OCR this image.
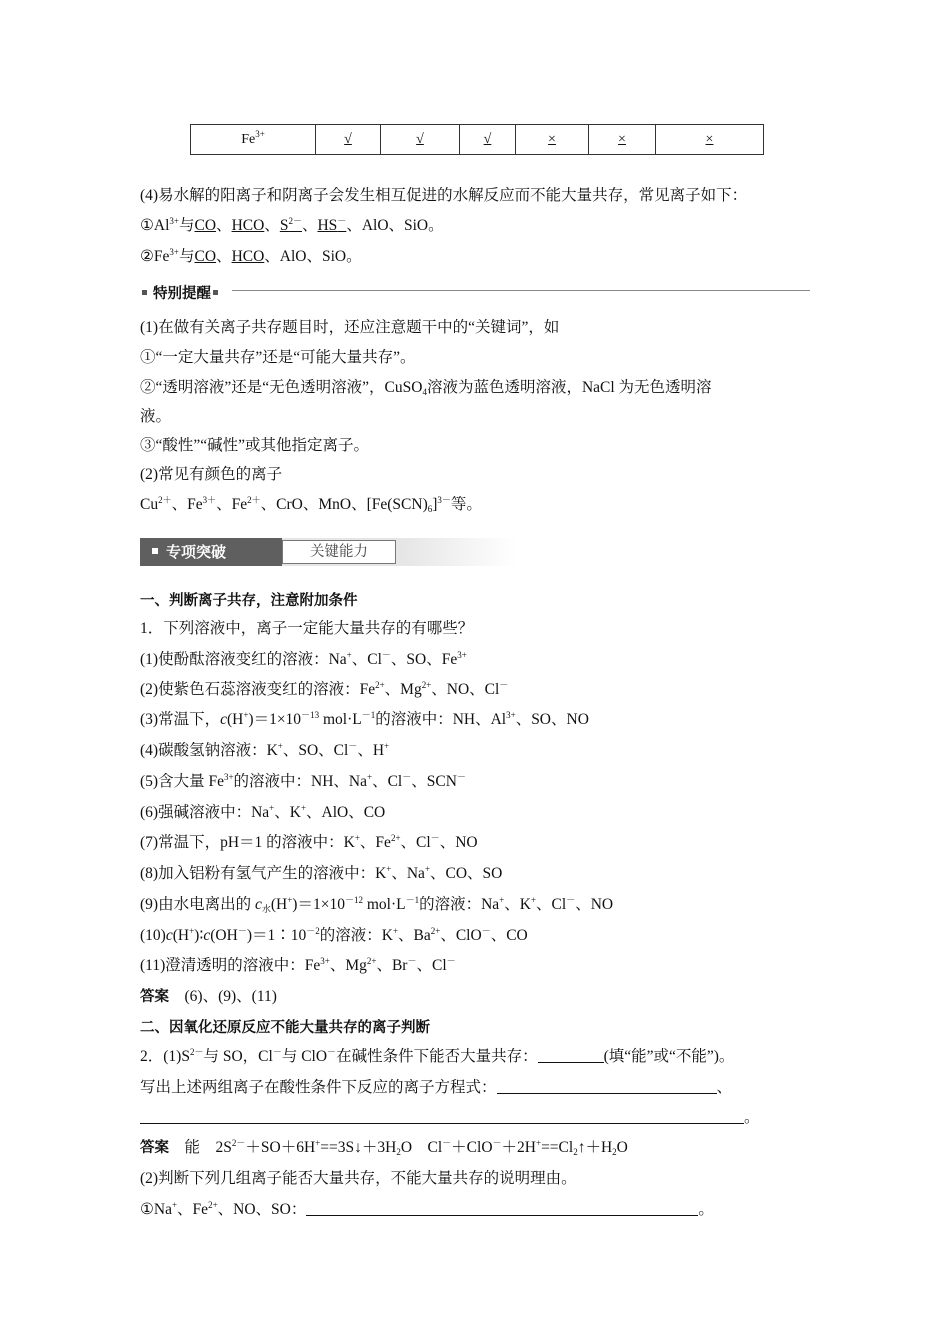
$Fe^{3+}$	√	√	√	×	×	×
(4)易水解的阳离子和阴离子会发生相互促进的水解反应而不能大量共存，常见离子如下：
$①Al^{3+}$与CO、HCO、$S^{2-}$、HS－、AlO、SiO。
$②Fe^{3+}$与CO、HCO、AlO、SiO。
特别提醒
(1)在做有关离子共存题目时，还应注意题干中的“关键词”，如
①“一定大量共存”还是“可能大量共存”。
②“透明溶液”还是“无色透明溶液”，CuSO$_4$溶液为蓝色透明溶液，NaCl 为无色透明溶
液。
③“酸性”“碱性”或其他指定离子。
(2)常见有颜色的离子
$Cu^{2+}$、$Fe^{3+}$、$Fe^{2+}$、CrO、MnO、$[Fe(SCN)_6]^{3-}$等。
专项突破	关键能力
一、判断离子共存，注意附加条件
1．下列溶液中，离子一定能大量共存的有哪些？
(1)使酚酞溶液变红的溶液：Na+、Cl－、SO、$Fe^{3+}$
(2)使紫色石蕊溶液变红的溶液：$Fe^{2+}$、$Mg^{2+}$、NO、Cl－
(3)常温下，$c(H^+)=1\times 10^{-13}$ $mol\cdot L^{-1}$的溶液中：NH、$Al^{3+}$、SO、NO
(4)碳酸氢钠溶液：K+、SO、Cl－、H+
(5)含大量 $Fe^{3+}$的溶液中：NH、Na+、Cl－、SCN－
(6)强碱溶液中：Na+、K+、AlO、CO
(7)常温下，pH＝1 的溶液中：K+、$Fe^{2+}$、Cl－、NO
(8)加入铝粉有氢气产生的溶液中：K+、Na+、CO、SO
(9)由水电离出的 $c_水(H^+)=1\times 10^{-12}$ $mol\cdot L^{-1}$的溶液：Na+、K+、Cl－、NO
$(10)c(H^+)∶c(OH^-)=1∶10^{-2}$的溶液：K+、$Ba^{2+}$、ClO－、CO
(11)澄清透明的溶液中：$Fe^{3+}$、$Mg^{2+}$、Br－、Cl－
答案　 (6)、(9)、(11)
二、因氧化还原反应不能大量共存的离子判断
2．$(1)S^{2-}$与 SO，Cl－与 ClO－在碱性条件下能否大量共存：	(填“能”或“不能”)。
写出上述两组离子在酸性条件下反应的离子方程式：	、
。
答案　 能　$2S^{2-}+SO+6H^+==3S↓+3H_2O$　$Cl^-+ClO^-+2H^+==Cl_2↑+H_2O$
(2)判断下列几组离子能否大量共存，不能大量共存的说明理由。
①Na+、$Fe^{2+}$、NO、SO：	。
